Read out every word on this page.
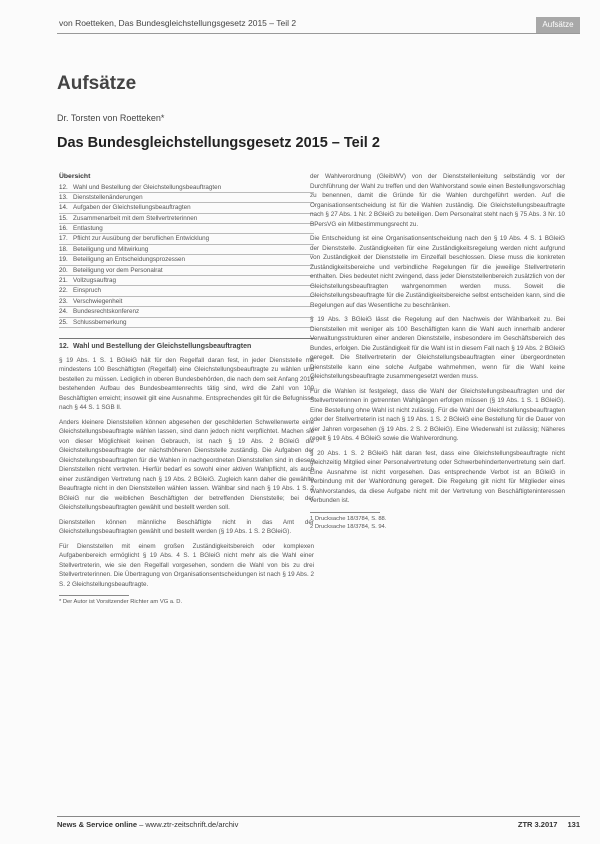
von Roetteken, Das Bundesgleichstellungsgesetz 2015 – Teil 2	Aufsätze
Aufsätze
Dr. Torsten von Roetteken*
Das Bundesgleichstellungsgesetz 2015 – Teil 2
Übersicht
12. Wahl und Bestellung der Gleichstellungsbeauftragten
13. Dienststellenänderungen
14. Aufgaben der Gleichstellungsbeauftragten
15. Zusammenarbeit mit dem Stellvertreterinnen
16. Entlastung
17. Pflicht zur Ausübung der beruflichen Entwicklung
18. Beteiligung und Mitwirkung
19. Beteiligung an Entscheidungsprozessen
20. Beteiligung vor dem Personalrat
21. Vollzugsauftrag
22. Einspruch
23. Verschwiegenheit
24. Bundesrechtskonferenz
25. Schlussbemerkung
12. Wahl und Bestellung der Gleichstellungsbeauftragten

§ 19 Abs. 1 S. 1 BGleiG hält für den Regelfall daran fest, in jeder Dienststelle mit mindestens 100 Beschäftigten (Regelfall) eine Gleichstellungsbeauftragte zu wählen und bestellen zu müssen. Lediglich in oberen Bundesbehörden, die nach dem seit Anfang 2016 bestehenden Aufbau des Bundesbeamtenrechts tätig sind, wird die Zahl von 100 Beschäftigten erreicht; insoweit gilt eine Ausnahme. Entsprechendes gilt für die Befugnisse nach § 44 S. 1 SGB II.

Anders kleinere Dienststellen können abgesehen der geschilderten Schwellenwerte eine Gleichstellungsbeauftragte wählen lassen, sind dann jedoch nicht verpflichtet. Machen sie von dieser Möglichkeit keinen Gebrauch, ist nach § 19 Abs. 2 BGleiG die Gleichstellungsbeauftragte der nächsthöheren Dienststelle zuständig. Die Aufgaben der Gleichstellungsbeauftragten für die Wahlen in nachgeordneten Dienststellen sind in diesen Dienststellen nicht vertreten. Hierfür bedarf es sowohl einer aktiven Wahlpflicht, als auch einer zuständigen Vertretung nach § 19 Abs. 2 BGleiG. Zugleich kann daher die gewählte Beauftragte nicht in den Dienststellen wählen lassen. Wählbar sind nach § 19 Abs. 1 S. 2 BGleiG nur die weiblichen Beschäftigten der betreffenden Dienststelle; bei der Gleichstellungsbeauftragten gewählt und bestellt werden soll.

Dienststellen können männliche Beschäftigte nicht in das Amt der Gleichstellungsbeauftragten gewählt und bestellt werden (§ 19 Abs. 1 S. 2 BGleiG).

Für Dienststellen mit einem großen Zuständigkeitsbereich oder komplexen Aufgabenbereich ermöglicht § 19 Abs. 4 S. 1 BGleiG nicht mehr als die Wahl einer Stellvertreterin, wie sie den Regelfall vorgesehen, sondern die Wahl von bis zu drei Stellvertreterinnen. Die Übertragung von Organisationsentscheidungen ist nach § 19 Abs. 2 S. 2 Gleichstellungsbeauftragte.

* Der Autor ist Vorsitzender Richter am VG a. D.

der Wahlverordnung (GleibWV) von der Dienststellenleitung selbständig vor der Durchführung der Wahl zu treffen und den Wahlvorstand sowie einen Bestellungsvorschlag zu benennen, damit die Gründe für die Wahlen durchgeführt werden. Auf die Organisationsentscheidung ist für die Wahlen zuständig. Die Gleichstellungsbeauftragte nach § 27 Abs. 1 Nr. 2 BGleiG zu beteiligen. Dem Personalrat steht nach § 75 Abs. 3 Nr. 10 BPersVG ein Mitbestimmungsrecht zu.

Die Entscheidung ist eine Organisationsentscheidung nach den § 19 Abs. 4 S. 1 BGleiG der Dienststelle. Zuständigkeiten für eine Zuständigkeitsregelung werden nicht aufgrund von Zuständigkeit der Dienststelle im Einzelfall beschlossen. Diese muss die konkreten Zuständigkeitsbereiche und verbindliche Regelungen für die jeweilige Stellvertreterin enthalten. Dies bedeutet nicht zwingend, dass jeder Dienststellenbereich zusätzlich von der Gleichstellungsbeauftragten wahrgenommen werden muss. Soweit die Gleichstellungsbeauftragte für die Zuständigkeitsbereiche selbst entscheiden kann, sind die Regelungen auf das Wesentliche zu beschränken.

§ 19 Abs. 3 BGleiG lässt die Regelung auf den Nachweis der Wählbarkeit zu. Bei Dienststellen mit weniger als 100 Beschäftigten kann die Wahl auch innerhalb anderer Verwaltungsstrukturen einer anderen Dienststelle, insbesondere im Geschäftsbereich des Bundes, erfolgen. Die Zuständigkeit für die Wahl ist in diesem Fall nach § 19 Abs. 2 BGleiG geregelt. Die Stellvertreterin der Gleichstellungsbeauftragten einer übergeordneten Dienststelle kann eine solche Aufgabe wahrnehmen, wenn für die Wahl keine Gleichstellungsbeauftragte zusammengesetzt werden muss.

Für die Wahlen ist festgelegt, dass die Wahl der Gleichstellungsbeauftragten und der Stellvertreterinnen in getrennten Wahlgängen erfolgen müssen (§ 19 Abs. 1 S. 1 BGleiG). Eine Bestellung ohne Wahl ist nicht zulässig. Für die Wahl der Gleichstellungsbeauftragten oder der Stellvertreterin ist nach § 19 Abs. 1 S. 2 BGleiG eine Bestellung für die Dauer von vier Jahren vorgesehen (§ 19 Abs. 2 S. 2 BGleiG). Eine Wiederwahl ist zulässig; Näheres regelt § 19 Abs. 4 BGleiG sowie die Wahlverordnung.

§ 20 Abs. 1 S. 2 BGleiG hält daran fest, dass eine Gleichstellungsbeauftragte nicht gleichzeitig Mitglied einer Personalvertretung oder Schwerbehindertenvertretung sein darf. Eine Ausnahme ist nicht vorgesehen. Das entsprechende Verbot ist an BGleiG in Verbindung mit der Wahlordnung geregelt. Die Regelung gilt nicht für Mitglieder eines Wahlvorstandes, da diese Aufgabe nicht mit der Vertretung von Beschäftigteninteressen verbunden ist.

1 Drucksache 18/3784, S. 88.
2 Drucksache 18/3784, S. 94.
News & Service online – www.ztr-zeitschrift.de/archiv	ZTR 3.2017 131
